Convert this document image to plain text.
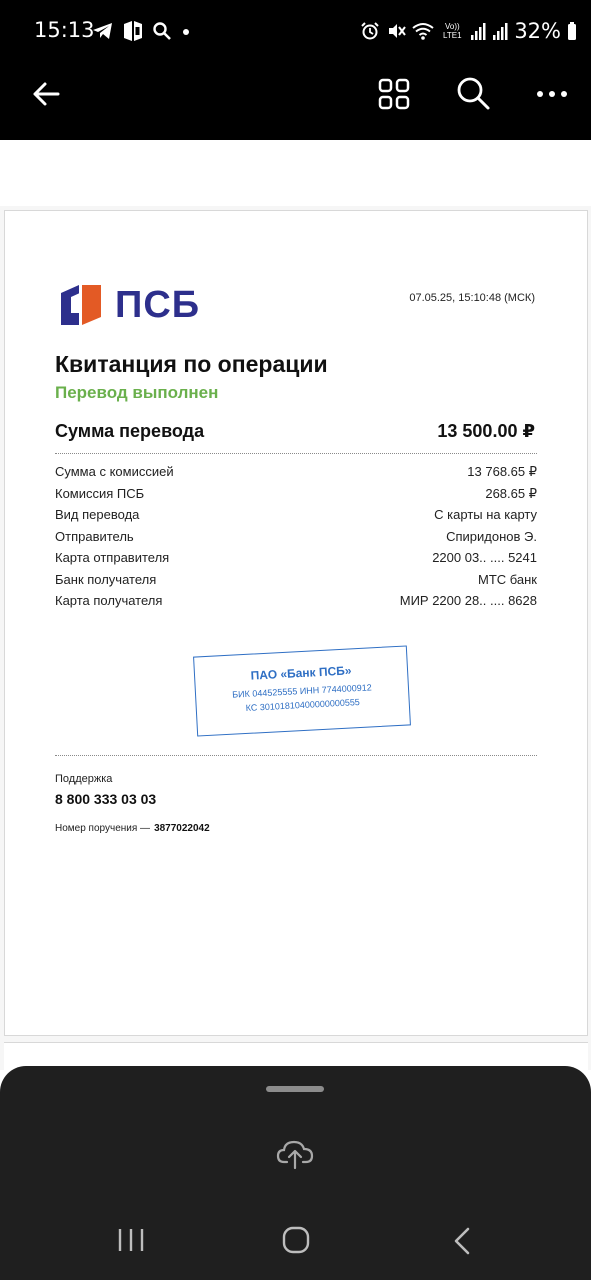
15:13	Vo)) LTE1	32%
ПСБ	07.05.25, 15:10:48 (МСК)
Квитанция по операции
Перевод выполнен
Сумма перевода	13 500.00 ₽
Сумма с комиссией	13 768.65 ₽
Комиссия ПСБ	268.65 ₽
Вид перевода	С карты на карту
Отправитель	Спиридонов Э.
Карта отправителя	2200 03.. .... 5241
Банк получателя	МТС банк
Карта получателя	МИР 2200 28.. .... 8628
ПАО «Банк ПСБ»
БИК 044525555 ИНН 7744000912
КС 30101810400000000555
Поддержка
8 800 333 03 03
Номер поручения — 3877022042
